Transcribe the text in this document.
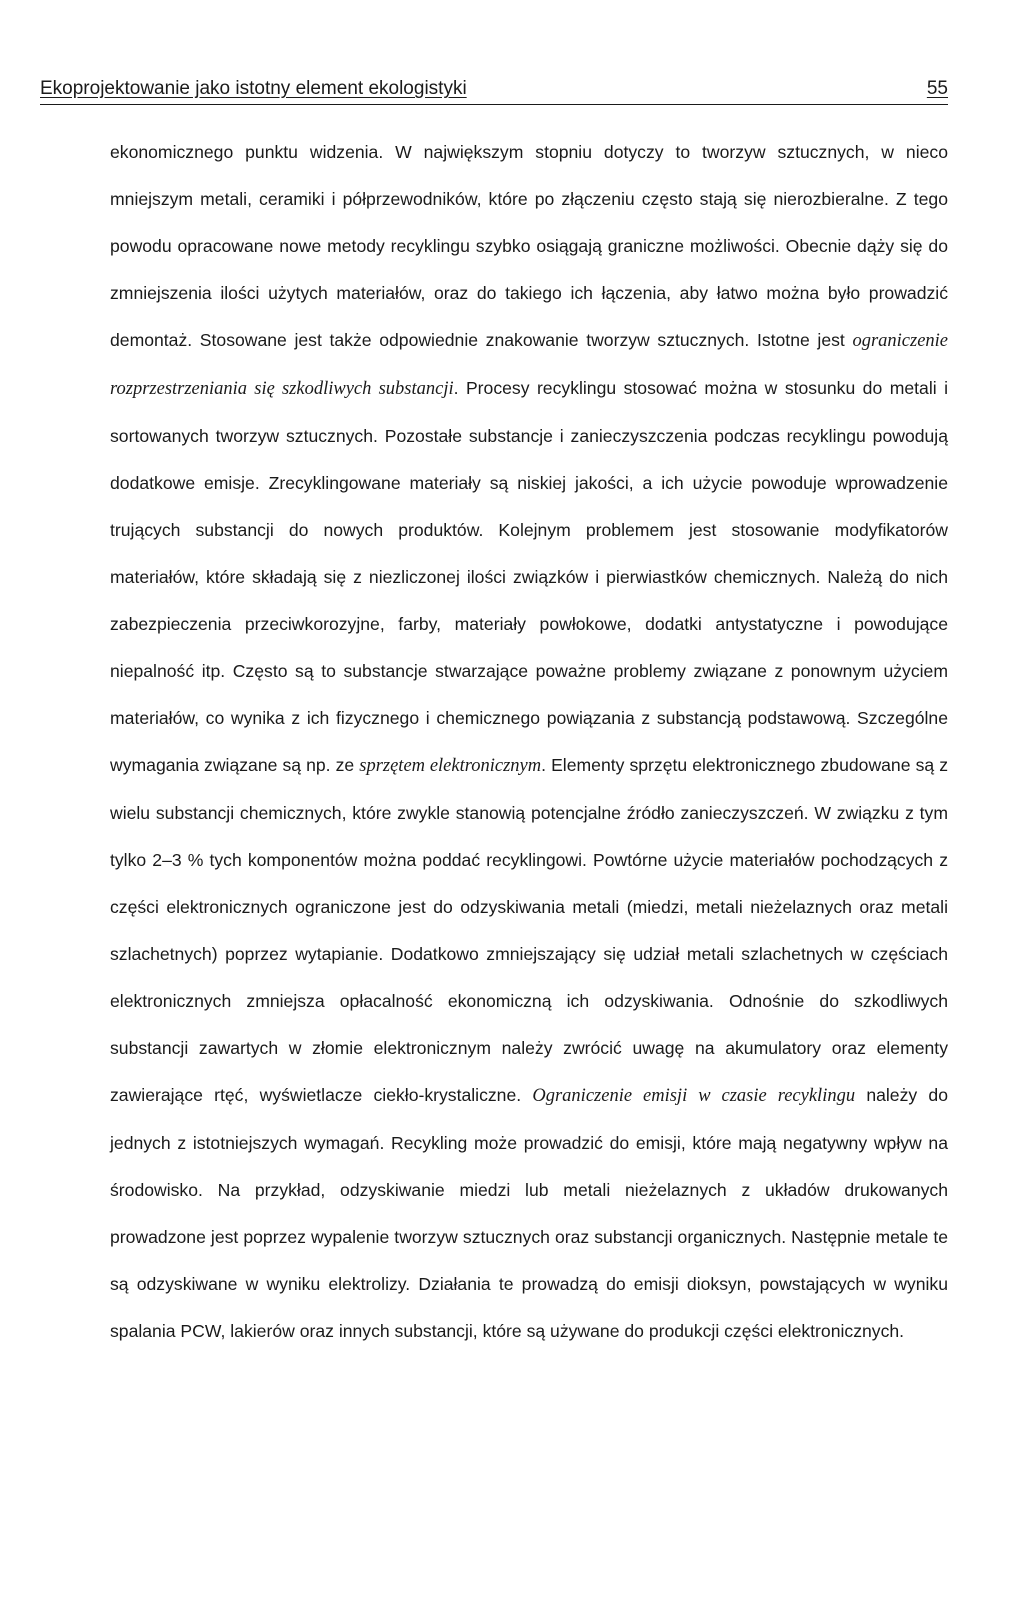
Ekoprojektowanie jako istotny element ekologistyki	55

ekonomicznego punktu widzenia. W największym stopniu dotyczy to tworzyw sztucznych, w nieco mniejszym metali, ceramiki i półprzewodników, które po złączeniu często stają się nierozbieralne. Z tego powodu opracowane nowe metody recyklingu szybko osiągają graniczne możliwości. Obecnie dąży się do zmniejszenia ilości użytych materiałów, oraz do takiego ich łączenia, aby łatwo można było prowadzić demontaż. Stosowane jest także odpowiednie znakowanie tworzyw sztucznych. Istotne jest ograniczenie rozprzestrzeniania się szkodliwych substancji. Procesy recyklingu stosować można w stosunku do metali i sortowanych tworzyw sztucznych. Pozostałe substancje i zanieczyszczenia podczas recyklingu powodują dodatkowe emisje. Zrecyklingowane materiały są niskiej jakości, a ich użycie powoduje wprowadzenie trujących substancji do nowych produktów. Kolejnym problemem jest stosowanie modyfikatorów materiałów, które składają się z niezliczonej ilości związków i pierwiastków chemicznych. Należą do nich zabezpieczenia przeciwkorozyjne, farby, materiały powłokowe, dodatki antystatyczne i powodujące niepalność itp. Często są to substancje stwarzające poważne problemy związane z ponownym użyciem materiałów, co wynika z ich fizycznego i chemicznego powiązania z substancją podstawową. Szczególne wymagania związane są np. ze sprzętem elektronicznym. Elementy sprzętu elektronicznego zbudowane są z wielu substancji chemicznych, które zwykle stanowią potencjalne źródło zanieczyszczeń. W związku z tym tylko 2–3 % tych komponentów można poddać recyklingowi. Powtórne użycie materiałów pochodzących z części elektronicznych ograniczone jest do odzyskiwania metali (miedzi, metali nieżelaznych oraz metali szlachetnych) poprzez wytapianie. Dodatkowo zmniejszający się udział metali szlachetnych w częściach elektronicznych zmniejsza opłacalność ekonomiczną ich odzyskiwania. Odnośnie do szkodliwych substancji zawartych w złomie elektronicznym należy zwrócić uwagę na akumulatory oraz elementy zawierające rtęć, wyświetlacze ciekło-krystaliczne. Ograniczenie emisji w czasie recyklingu należy do jednych z istotniejszych wymagań. Recykling może prowadzić do emisji, które mają negatywny wpływ na środowisko. Na przykład, odzyskiwanie miedzi lub metali nieżelaznych z układów drukowanych prowadzone jest poprzez wypalenie tworzyw sztucznych oraz substancji organicznych. Następnie metale te są odzyskiwane w wyniku elektrolizy. Działania te prowadzą do emisji dioksyn, powstających w wyniku spalania PCW, lakierów oraz innych substancji, które są używane do produkcji części elektronicznych.
